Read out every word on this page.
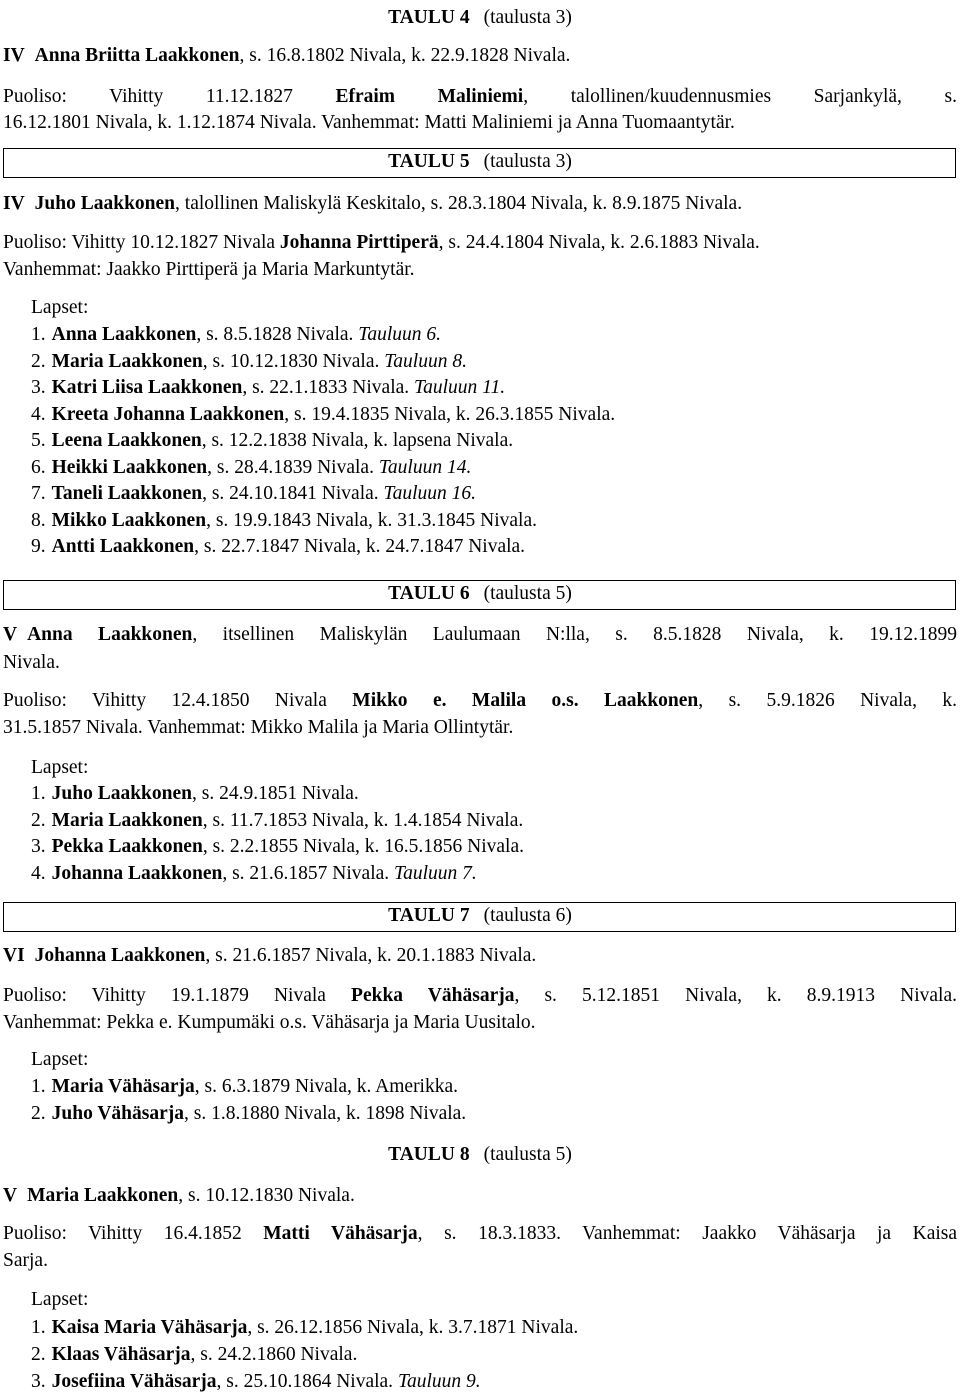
TAULU 4 (taulusta 3)
IV Anna Briitta Laakkonen, s. 16.8.1802 Nivala, k. 22.9.1828 Nivala.
Puoliso: Vihitty 11.12.1827 Efraim Maliniemi, talollinen/kuudennusmies Sarjankylä, s.
16.12.1801 Nivala, k. 1.12.1874 Nivala. Vanhemmat: Matti Maliniemi ja Anna Tuomaantytär.
TAULU 5 (taulusta 3)
IV Juho Laakkonen, talollinen Maliskylä Keskitalo, s. 28.3.1804 Nivala, k. 8.9.1875 Nivala.
Puoliso: Vihitty 10.12.1827 Nivala Johanna Pirttiperä, s. 24.4.1804 Nivala, k. 2.6.1883 Nivala.
Vanhemmat: Jaakko Pirttiperä ja Maria Markuntytär.
Lapset:
1. Anna Laakkonen, s. 8.5.1828 Nivala. Tauluun 6.
2. Maria Laakkonen, s. 10.12.1830 Nivala. Tauluun 8.
3. Katri Liisa Laakkonen, s. 22.1.1833 Nivala. Tauluun 11.
4. Kreeta Johanna Laakkonen, s. 19.4.1835 Nivala, k. 26.3.1855 Nivala.
5. Leena Laakkonen, s. 12.2.1838 Nivala, k. lapsena Nivala.
6. Heikki Laakkonen, s. 28.4.1839 Nivala. Tauluun 14.
7. Taneli Laakkonen, s. 24.10.1841 Nivala. Tauluun 16.
8. Mikko Laakkonen, s. 19.9.1843 Nivala, k. 31.3.1845 Nivala.
9. Antti Laakkonen, s. 22.7.1847 Nivala, k. 24.7.1847 Nivala.
TAULU 6 (taulusta 5)
V Anna Laakkonen, itsellinen Maliskylän Laulumaan N:lla, s. 8.5.1828 Nivala, k. 19.12.1899
Nivala.
Puoliso: Vihitty 12.4.1850 Nivala Mikko e. Malila o.s. Laakkonen, s. 5.9.1826 Nivala, k.
31.5.1857 Nivala. Vanhemmat: Mikko Malila ja Maria Ollintytär.
Lapset:
1. Juho Laakkonen, s. 24.9.1851 Nivala.
2. Maria Laakkonen, s. 11.7.1853 Nivala, k. 1.4.1854 Nivala.
3. Pekka Laakkonen, s. 2.2.1855 Nivala, k. 16.5.1856 Nivala.
4. Johanna Laakkonen, s. 21.6.1857 Nivala. Tauluun 7.
TAULU 7 (taulusta 6)
VI Johanna Laakkonen, s. 21.6.1857 Nivala, k. 20.1.1883 Nivala.
Puoliso: Vihitty 19.1.1879 Nivala Pekka Vähäsarja, s. 5.12.1851 Nivala, k. 8.9.1913 Nivala.
Vanhemmat: Pekka e. Kumpumäki o.s. Vähäsarja ja Maria Uusitalo.
Lapset:
1. Maria Vähäsarja, s. 6.3.1879 Nivala, k. Amerikka.
2. Juho Vähäsarja, s. 1.8.1880 Nivala, k. 1898 Nivala.
TAULU 8 (taulusta 5)
V Maria Laakkonen, s. 10.12.1830 Nivala.
Puoliso: Vihitty 16.4.1852 Matti Vähäsarja, s. 18.3.1833. Vanhemmat: Jaakko Vähäsarja ja Kaisa
Sarja.
Lapset:
1. Kaisa Maria Vähäsarja, s. 26.12.1856 Nivala, k. 3.7.1871 Nivala.
2. Klaas Vähäsarja, s. 24.2.1860 Nivala.
3. Josefiina Vähäsarja, s. 25.10.1864 Nivala. Tauluun 9.
